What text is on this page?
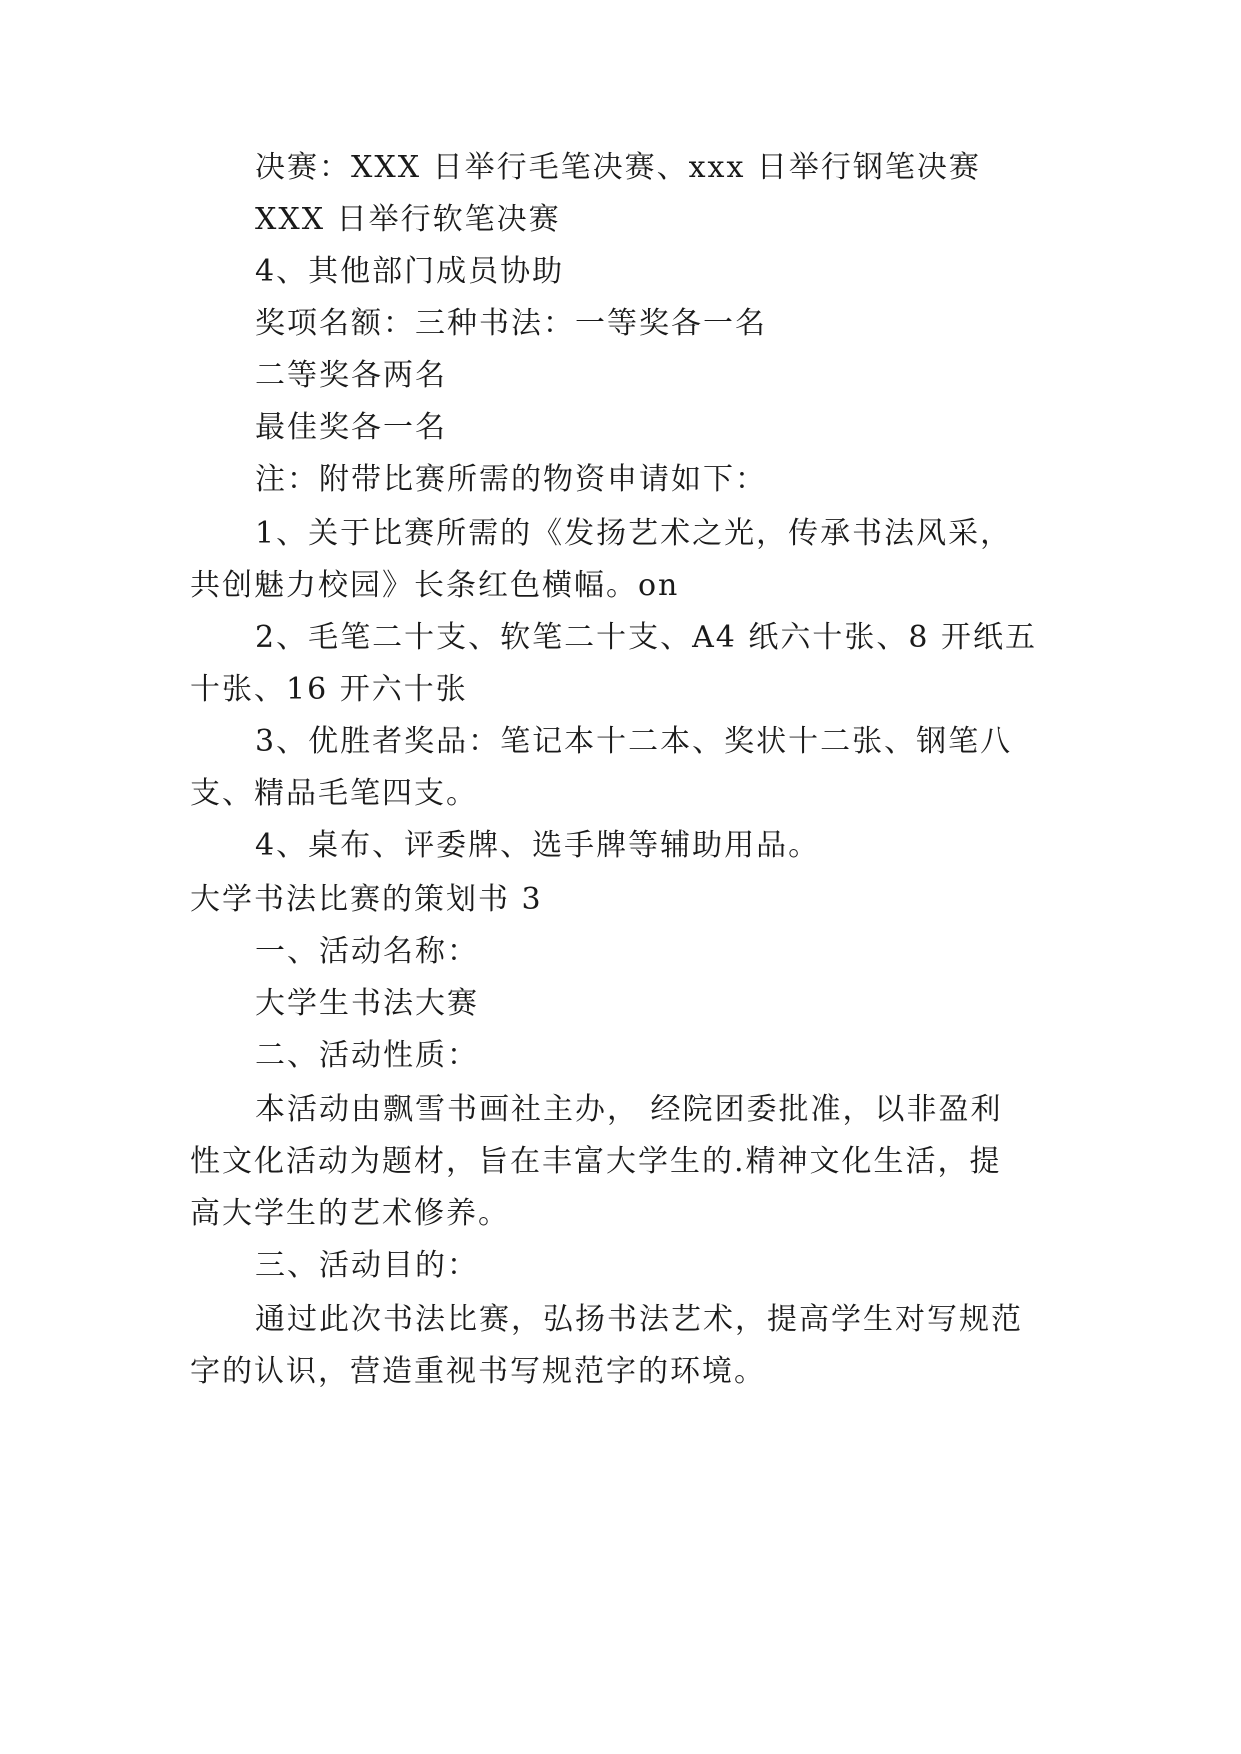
决赛：XXX 日举行毛笔决赛、xxx 日举行钢笔决赛
XXX 日举行软笔决赛
4、其他部门成员协助
奖项名额：三种书法：一等奖各一名
二等奖各两名
最佳奖各一名
注：附带比赛所需的物资申请如下：
1、关于比赛所需的《发扬艺术之光，传承书法风采，
共创魅力校园》长条红色横幅。on
2、毛笔二十支、软笔二十支、A4 纸六十张、8 开纸五
十张、16 开六十张
3、优胜者奖品：笔记本十二本、奖状十二张、钢笔八
支、精品毛笔四支。
4、桌布、评委牌、选手牌等辅助用品。
大学书法比赛的策划书 3
一、活动名称：
大学生书法大赛
二、活动性质：
本活动由飘雪书画社主办， 经院团委批准，以非盈利
性文化活动为题材，旨在丰富大学生的.精神文化生活，提
高大学生的艺术修养。
三、活动目的：
通过此次书法比赛，弘扬书法艺术，提高学生对写规范
字的认识，营造重视书写规范字的环境。
